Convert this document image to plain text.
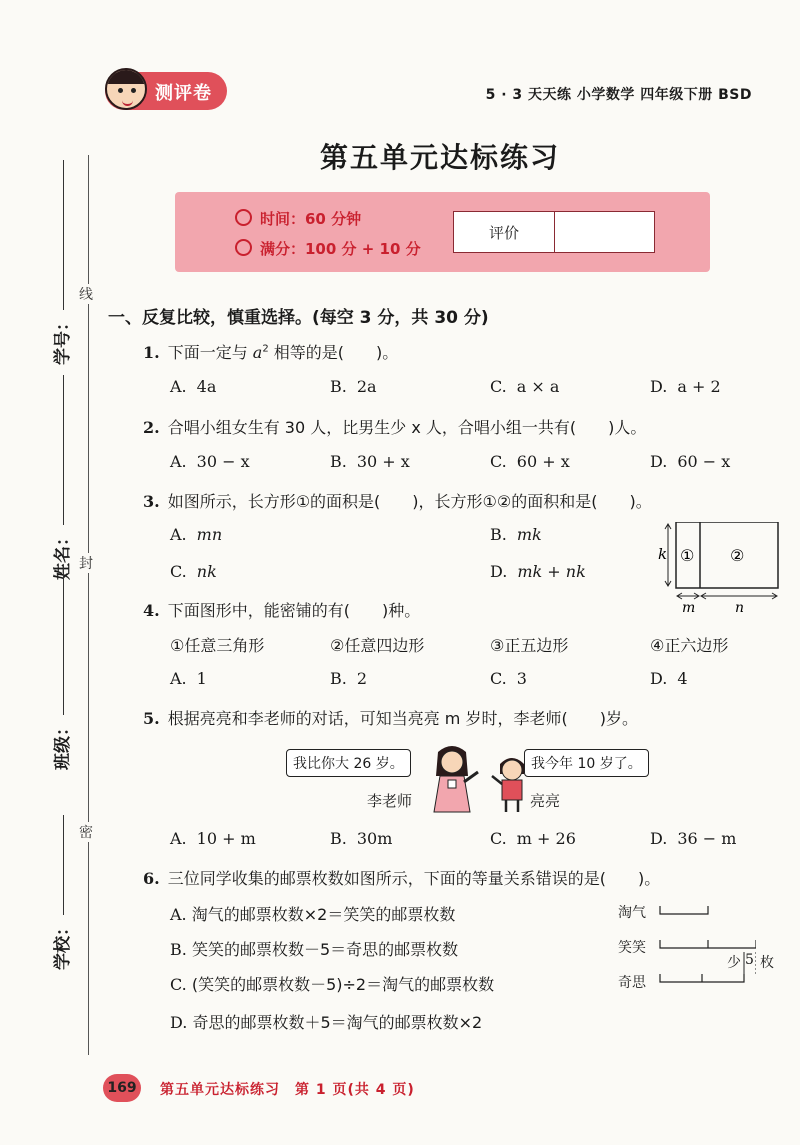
线
封
密
学号：
姓名：
班级：
学校：
测评卷	5 · 3 天天练 小学数学 四年级下册 BSD
第五单元达标练习
时间：60 分钟
满分：100 分 + 10 分
评价
一、反复比较，慎重选择。(每空 3 分，共 30 分)
1. 下面一定与 $a^2$ 相等的是(　　)。
A. 4a	B. 2a	C. a × a	D. a + 2
2. 合唱小组女生有 30 人，比男生少 x 人，合唱小组一共有(　　)人。
A. 30 − x	B. 30 + x	C. 60 + x	D. 60 − x
3. 如图所示，长方形①的面积是(　　)，长方形①②的面积和是(　　)。
A. mn	B. mk
C. nk	D. mk + nk
k ① ②
m	n
4. 下面图形中，能密铺的有(　　)种。
①任意三角形	②任意四边形	③正五边形	④正六边形
A. 1	B. 2	C. 3	D. 4
5. 根据亮亮和李老师的对话，可知当亮亮 m 岁时，李老师(　　)岁。
我比你大 26 岁。	我今年 10 岁了。
李老师	亮亮
A. 10 + m	B. 30m	C. m + 26	D. 36 − m
6. 三位同学收集的邮票枚数如图所示，下面的等量关系错误的是(　　)。
A. 淘气的邮票枚数×2＝笑笑的邮票枚数
B. 笑笑的邮票枚数－5＝奇思的邮票枚数
C. (笑笑的邮票枚数－5)÷2＝淘气的邮票枚数
D. 奇思的邮票枚数＋5＝淘气的邮票枚数×2
淘气
笑笑
奇思
少 5 枚
169	第五单元达标练习　第 1 页(共 4 页)
